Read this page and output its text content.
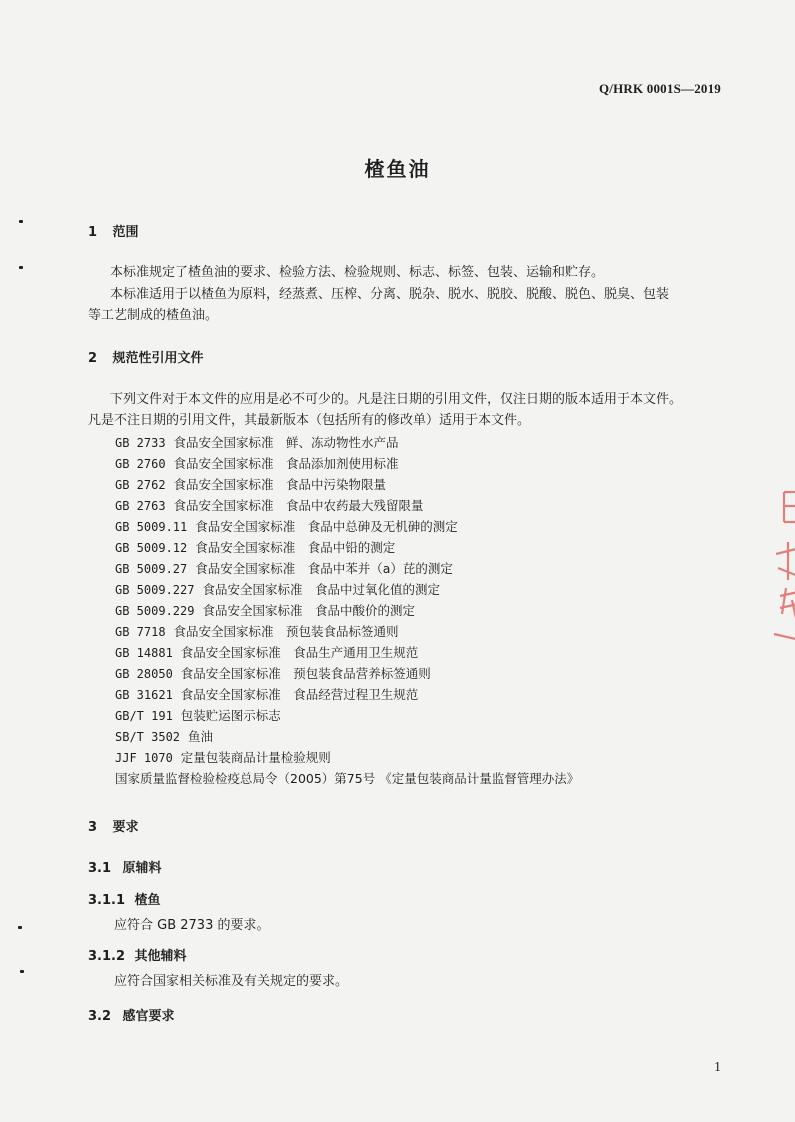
Q/HRK 0001S—2019
楂鱼油
1 范围
本标准规定了楂鱼油的要求、检验方法、检验规则、标志、标签、包装、运输和贮存。
本标准适用于以楂鱼为原料，经蒸煮、压榨、分离、脱杂、脱水、脱胶、脱酸、脱色、脱臭、包装
等工艺制成的楂鱼油。
2 规范性引用文件
下列文件对于本文件的应用是必不可少的。凡是注日期的引用文件，仅注日期的版本适用于本文件。
凡是不注日期的引用文件，其最新版本（包括所有的修改单）适用于本文件。
GB 2733 食品安全国家标准　鲜、冻动物性水产品
GB 2760 食品安全国家标准　食品添加剂使用标准
GB 2762 食品安全国家标准　食品中污染物限量
GB 2763 食品安全国家标准　食品中农药最大残留限量
GB 5009.11 食品安全国家标准　食品中总砷及无机砷的测定
GB 5009.12 食品安全国家标准　食品中铅的测定
GB 5009.27 食品安全国家标准　食品中苯并（a）芘的测定
GB 5009.227 食品安全国家标准　食品中过氧化值的测定
GB 5009.229 食品安全国家标准　食品中酸价的测定
GB 7718 食品安全国家标准　预包装食品标签通则
GB 14881 食品安全国家标准　食品生产通用卫生规范
GB 28050 食品安全国家标准　预包装食品营养标签通则
GB 31621 食品安全国家标准　食品经营过程卫生规范
GB/T 191 包装贮运图示标志
SB/T 3502 鱼油
JJF 1070 定量包装商品计量检验规则
国家质量监督检验检疫总局令（2005）第75号 《定量包装商品计量监督管理办法》
3 要求
3.1 原辅料
3.1.1 楂鱼
应符合 GB 2733 的要求。
3.1.2 其他辅料
应符合国家相关标准及有关规定的要求。
3.2 感官要求
1
